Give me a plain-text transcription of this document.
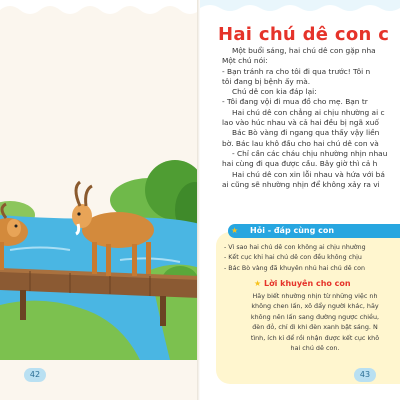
42
Hai chú dê con c

Một buổi sáng, hai chú dê con gặp nha

Một chú nói:

- Bạn tránh ra cho tôi đi qua trước! Tôi n

tôi đang bị bệnh ấy mà.

Chú dê con kia đáp lại:

- Tôi đang vội đi mua đồ cho mẹ. Bạn tr

Hai chú dê con chẳng ai chịu nhường ai c

lao vào húc nhau và cả hai đều bị ngã xuố

Bác Bò vàng đi ngang qua thấy vậy liền

bờ. Bác lau khô đầu cho hai chú dê con và

- Chỉ cần các cháu chịu nhường nhịn nhau

hai cùng đi qua được cầu. Bây giờ thì cả h

Hai chú dê con xin lỗi nhau và hứa với bá

ai cũng sẽ nhường nhịn để không xảy ra vi

Hỏi - đáp cùng con
★
- Vì sao hai chú dê con không ai chịu nhường
- Kết cục khi hai chú dê con đều không chịu
- Bác Bò vàng đã khuyên nhủ hai chú dê con
★ Lời khuyên cho con
Hãy biết nhường nhịn từ những việc nh
không chen lấn, xô đẩy người khác, hãy
không nên lấn sang đường ngược chiều,
đèn đỏ, chỉ đi khi đèn xanh bật sáng. N
tình, ích kỉ để rồi nhận được kết cục khô
hai chú dê con.
43
